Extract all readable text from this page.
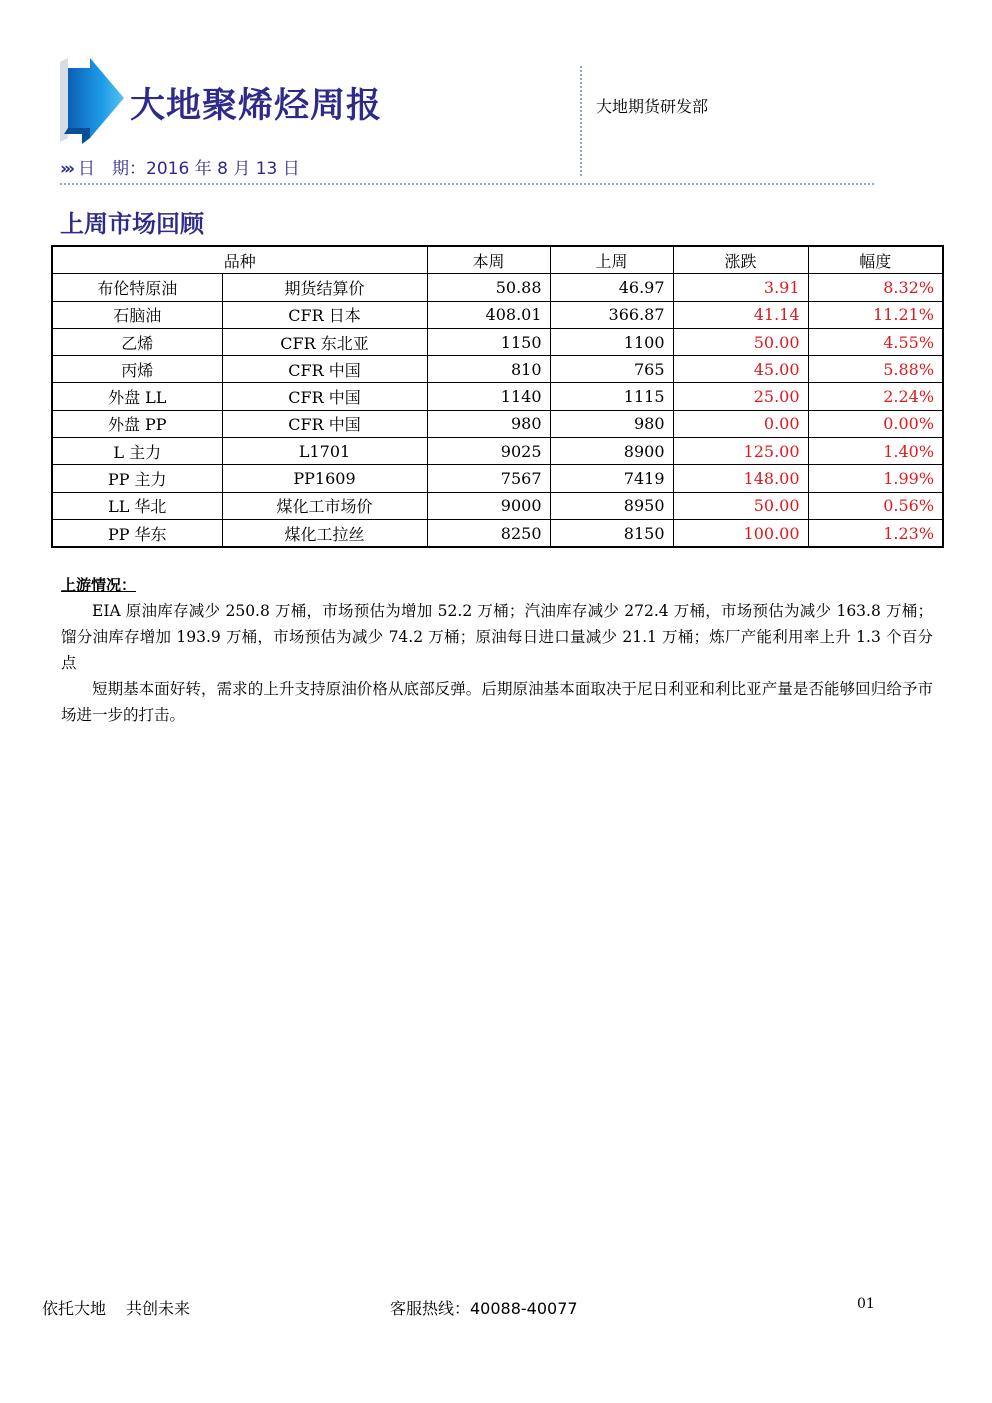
大地聚烯烃周报
››› 日　期：2016 年 8 月 13 日
大地期货研发部
上周市场回顾
品种		本周	上周	涨跌	幅度
布伦特原油	期货结算价	50.88	46.97	3.91	8.32%
石脑油	CFR 日本	408.01	366.87	41.14	11.21%
乙烯	CFR 东北亚	1150	1100	50.00	4.55%
丙烯	CFR 中国	810	765	45.00	5.88%
外盘 LL	CFR 中国	1140	1115	25.00	2.24%
外盘 PP	CFR 中国	980	980	0.00	0.00%
L 主力	L1701	9025	8900	125.00	1.40%
PP 主力	PP1609	7567	7419	148.00	1.99%
LL 华北	煤化工市场价	9000	8950	50.00	0.56%
PP 华东	煤化工拉丝	8250	8150	100.00	1.23%
上游情况：

EIA 原油库存减少 250.8 万桶，市场预估为增加 52.2 万桶；汽油库存减少 272.4 万桶，市场预估为减少 163.8 万桶；馏分油库存增加 193.9 万桶，市场预估为减少 74.2 万桶；原油每日进口量减少 21.1 万桶；炼厂产能利用率上升 1.3 个百分点

短期基本面好转，需求的上升支持原油价格从底部反弹。后期原油基本面取决于尼日利亚和利比亚产量是否能够回归给予市场进一步的打击。

依托大地 共创未来	客服热线：40088-40077	01
